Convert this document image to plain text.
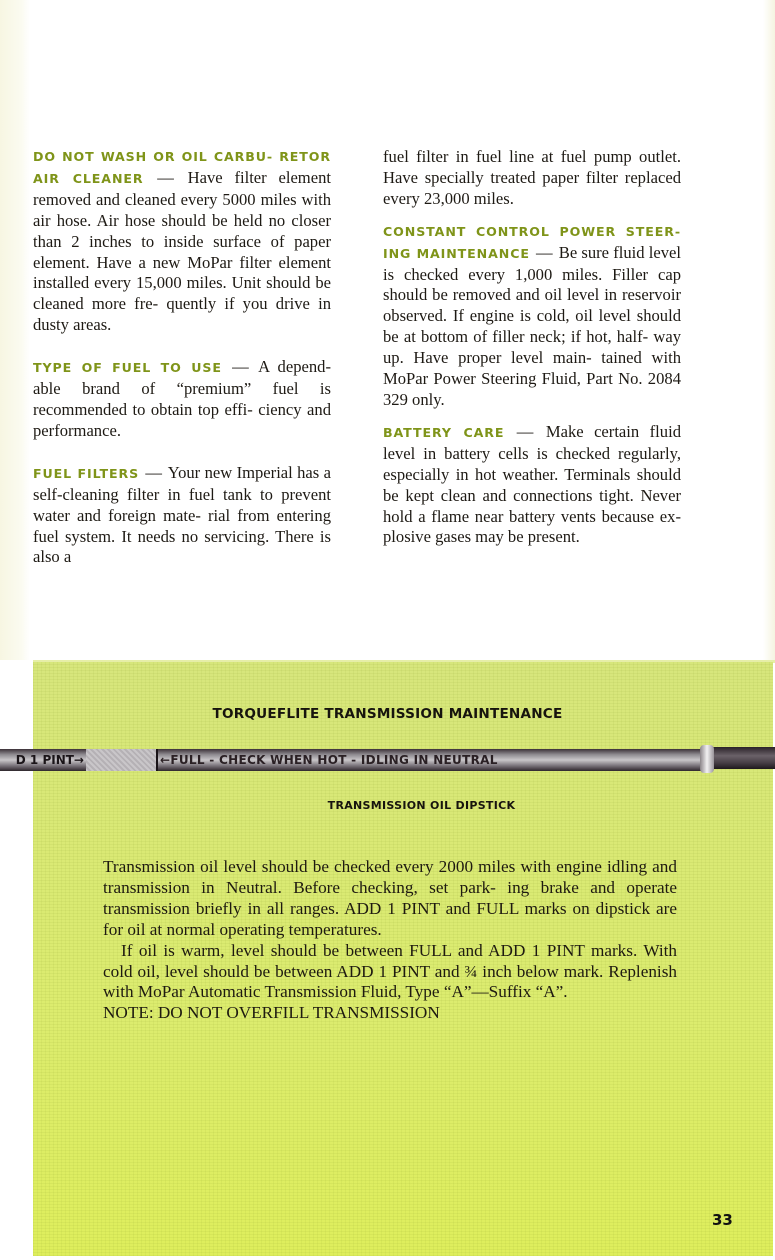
DO NOT WASH OR OIL CARBU- RETOR AIR CLEANER — Have filter element removed and cleaned every 5000 miles with air hose. Air hose should be held no closer than 2 inches to inside surface of paper element. Have a new MoPar filter element installed every 15,000 miles. Unit should be cleaned more fre- quently if you drive in dusty areas.

TYPE OF FUEL TO USE — A depend- able brand of “premium” fuel is recommended to obtain top effi- ciency and performance.

FUEL FILTERS — Your new Imperial has a self-cleaning filter in fuel tank to prevent water and foreign mate- rial from entering fuel system. It needs no servicing. There is also a

fuel filter in fuel line at fuel pump outlet. Have specially treated paper filter replaced every 23,000 miles.

CONSTANT CONTROL POWER STEER- ING MAINTENANCE — Be sure fluid level is checked every 1,000 miles. Filler cap should be removed and oil level in reservoir observed. If engine is cold, oil level should be at bottom of filler neck; if hot, half- way up. Have proper level main- tained with MoPar Power Steering Fluid, Part No. 2084 329 only.

BATTERY CARE — Make certain fluid level in battery cells is checked regularly, especially in hot weather. Terminals should be kept clean and connections tight. Never hold a flame near battery vents because ex- plosive gases may be present.

TORQUEFLITE TRANSMISSION MAINTENANCE
D 1 PINT→	←FULL - CHECK WHEN HOT - IDLING IN NEUTRAL
TRANSMISSION OIL DIPSTICK

Transmission oil level should be checked every 2000 miles with engine idling and transmission in Neutral. Before checking, set park- ing brake and operate transmission briefly in all ranges. ADD 1 PINT and FULL marks on dipstick are for oil at normal operating temperatures.

If oil is warm, level should be between FULL and ADD 1 PINT marks. With cold oil, level should be between ADD 1 PINT and ¾ inch below mark. Replenish with MoPar Automatic Transmission Fluid, Type “A”—Suffix “A”.

NOTE: DO NOT OVERFILL TRANSMISSION

33
